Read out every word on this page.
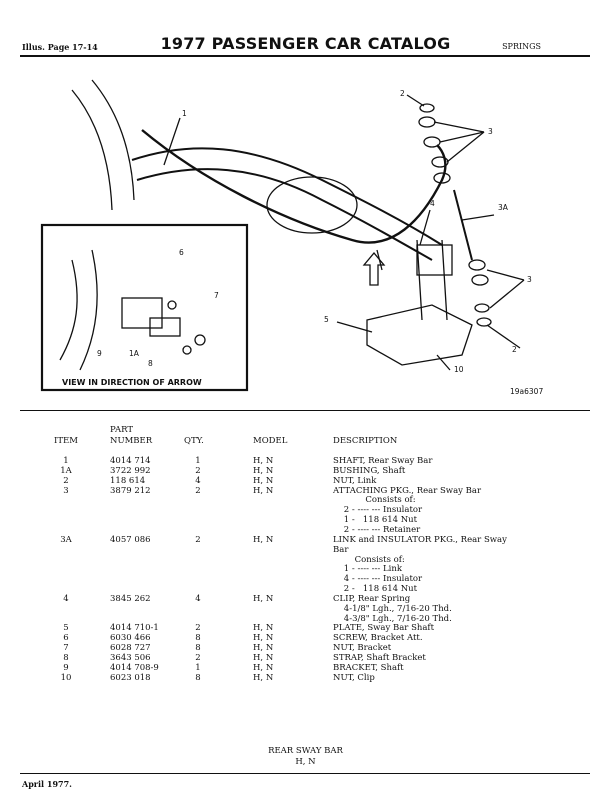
Illus. Page 17-14	1977 PASSENGER CAR CATALOG	SPRINGS
1
2
3
3A
4
5
6
7
8
9	1A
10
3
2
VIEW IN DIRECTION OF ARROW
19a6307
ITEM
PART
NUMBER	QTY.	MODEL	DESCRIPTION
1	4014 714	1	H, N	SHAFT, Rear Sway Bar
1A	3722 992	2	H, N	BUSHING, Shaft
2	118 614	4	H, N	NUT, Link
3	3879 212	2	H, N	ATTACHING PKG., Rear Sway Bar
Consists of:
2 - ---- --- Insulator
1 -   118 614 Nut
2 - ---- --- Retainer
3A	4057 086	2	H, N	LINK and INSULATOR PKG., Rear Sway
Bar
Consists of:
1 - ---- --- Link
4 - ---- --- Insulator
2 -   118 614 Nut
4	3845 262	4	H, N	CLIP, Rear Spring
4-1/8" Lgh., 7/16-20 Thd.
4-3/8" Lgh., 7/16-20 Thd.
5	4014 710-1	2	H, N	PLATE, Sway Bar Shaft
6	6030 466	8	H, N	SCREW, Bracket Att.
7	6028 727	8	H, N	NUT, Bracket
8	3643 506	2	H, N	STRAP, Shaft Bracket
9	4014 708-9	1	H, N	BRACKET, Shaft
10	6023 018	8	H, N	NUT, Clip
REAR SWAY BAR
H, N
April 1977.
